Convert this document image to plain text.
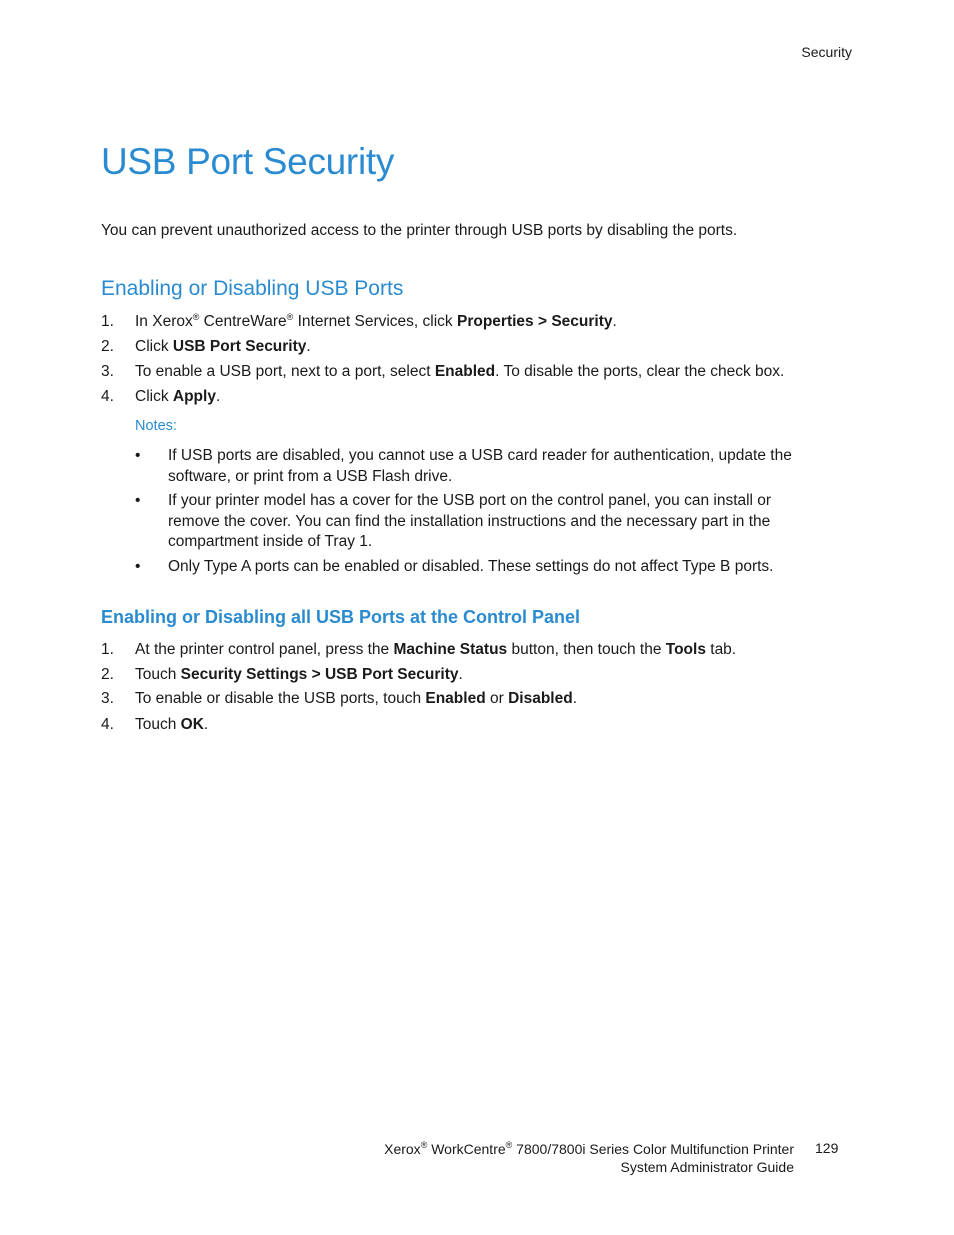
Security
USB Port Security
You can prevent unauthorized access to the printer through USB ports by disabling the ports.
Enabling or Disabling USB Ports
1.	In Xerox® CentreWare® Internet Services, click Properties > Security.
2.	Click USB Port Security.
3.	To enable a USB port, next to a port, select Enabled. To disable the ports, clear the check box.
4.	Click Apply.
Notes:
• If USB ports are disabled, you cannot use a USB card reader for authentication, update the software, or print from a USB Flash drive.
• If your printer model has a cover for the USB port on the control panel, you can install or remove the cover. You can find the installation instructions and the necessary part in the compartment inside of Tray 1.
• Only Type A ports can be enabled or disabled. These settings do not affect Type B ports.
Enabling or Disabling all USB Ports at the Control Panel
1.	At the printer control panel, press the Machine Status button, then touch the Tools tab.
2.	Touch Security Settings > USB Port Security.
3.	To enable or disable the USB ports, touch Enabled or Disabled.
4.	Touch OK.
Xerox® WorkCentre® 7800/7800i Series Color Multifunction Printer
System Administrator Guide
129
